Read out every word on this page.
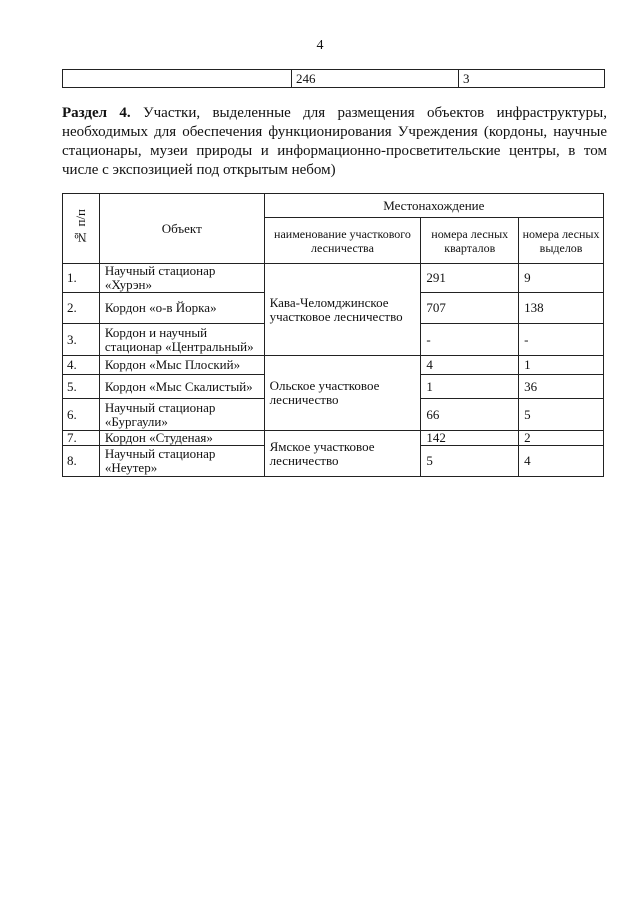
4
	246	3
Раздел 4. Участки, выделенные для размещения объектов инфраструктуры, необходимых для обеспечения функционирования Учреждения (кордоны, научные стационары, музеи природы и информационно-просветительские центры, в том числе с экспозицией под открытым небом)
№ п/п	Объект	Местонахождение		
		наименование участкового лесничества	номера лесных кварталов	номера лесных выделов
1.	Научный стационар «Хурэн»	Кава-Челомджинское участковое лесничество	291	9
2.	Кордон «о-в Йорка»		707	138
3.	Кордон и научный стационар «Центральный»		-	-
4.	Кордон «Мыс Плоский»	Ольское участковое лесничество	4	1
5.	Кордон «Мыс Скалистый»		1	36
6.	Научный стационар «Бургаули»		66	5
7.	Кордон «Студеная»	Ямское участковое лесничество	142	2
8.	Научный стационар «Неутер»		5	4
